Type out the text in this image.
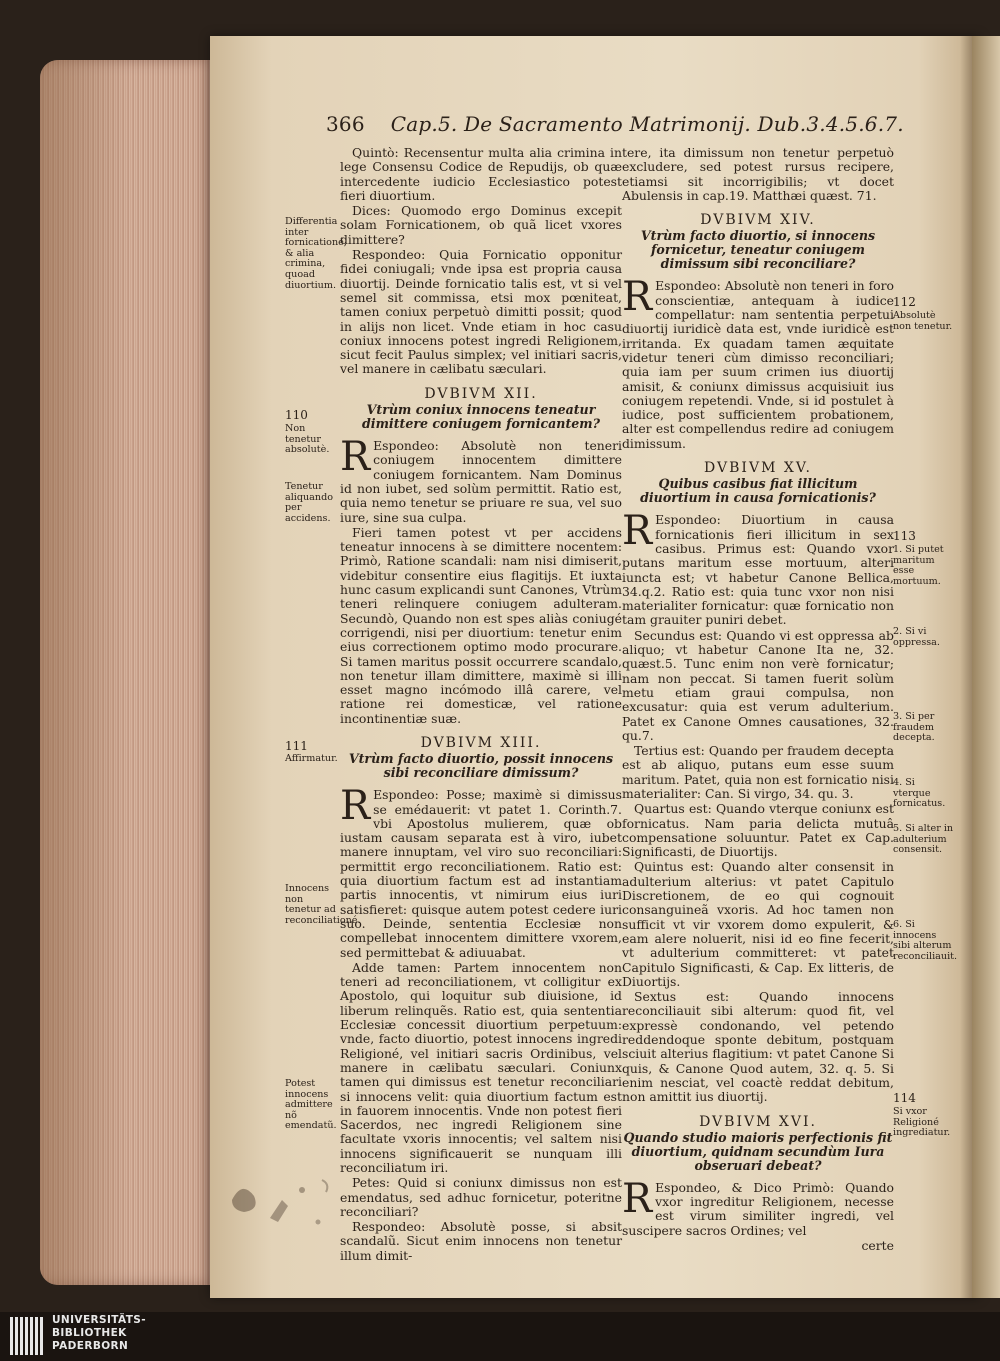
366 Cap.5. De Sacramento Matrimonij. Dub.3.4.5.6.7.

Quintò: Recensentur multa alia crimina in lege Consensu Codice de Repudijs, ob quæ intercedente iudicio Ecclesiastico potest fieri diuortium.

Dices: Quomodo ergo Dominus excepit solam Fornicationem, ob quã licet vxores dimittere?

Respondeo: Quia Fornicatio opponitur fidei coniugali; vnde ipsa est propria causa diuortij. Deinde fornicatio talis est, vt si vel semel sit commissa, etsi mox pœniteat, tamen coniux perpetuò dimitti possit; quod in alijs non licet. Vnde etiam in hoc casu coniux innocens potest ingredi Religionem, sicut fecit Paulus simplex; vel initiari sacris, vel manere in cælibatu sæculari.

DVBIVM XII.
Vtrùm coniux innocens teneatur dimittere coniugem fornicantem?

R Espondeo: Absolutè non teneri coniugem innocentem dimittere coniugem fornicantem. Nam Dominus id non iubet, sed solùm permittit. Ratio est, quia nemo tenetur se priuare re sua, vel suo iure, sine sua culpa.

Fieri tamen potest vt per accidens teneatur innocens à se dimittere nocentem: Primò, Ratione scandali: nam nisi dimiserit, videbitur consentire eius flagitijs. Et iuxta hunc casum explicandi sunt Canones, Vtrùm teneri relinquere coniugem adulteram. Secundò, Quando non est spes aliàs coniugé corrigendi, nisi per diuortium: tenetur enim eius correctionem optimo modo procurare. Si tamen maritus possit occurrere scandalo, non tenetur illam dimittere, maximè si illi esset magno incómodo illâ carere, vel ratione rei domesticæ, vel ratione incontinentiæ suæ.

DVBIVM XIII.
Vtrùm facto diuortio, possit innocens sibi reconciliare dimissum?

R Espondeo: Posse; maximè si dimissus se emédauerit: vt patet 1. Corinth.7. vbi Apostolus mulierem, quæ ob iustam causam separata est à viro, iubet manere innuptam, vel viro suo reconciliari: permittit ergo reconciliationem. Ratio est: quia diuortium factum est ad instantiam partis innocentis, vt nimirum eius iuri satisfieret: quisque autem potest cedere iuri suo. Deinde, sententia Ecclesiæ non compellebat innocentem dimittere vxorem, sed permittebat & adiuuabat.

Adde tamen: Partem innocentem non teneri ad reconciliationem, vt colligitur ex Apostolo, qui loquitur sub diuisione, id liberum relinquẽs. Ratio est, quia sententia Ecclesiæ concessit diuortium perpetuum: vnde, facto diuortio, potest innocens ingredi Religioné, vel initiari sacris Ordinibus, vel manere in cælibatu sæculari. Coniunx tamen qui dimissus est tenetur reconciliari si innocens velit: quia diuortium factum est in fauorem innocentis. Vnde non potest fieri Sacerdos, nec ingredi Religionem sine facultate vxoris innocentis; vel saltem nisi innocens significauerit se nunquam illi reconciliatum iri.

Petes: Quid si coniunx dimissus non est emendatus, sed adhuc fornicetur, poteritne reconciliari?

Respondeo: Absolutè posse, si absit scandalũ. Sicut enim innocens non tenetur illum dimit-

tere, ita dimissum non tenetur perpetuò excludere, sed potest rursus recipere, etiamsi sit incorrigibilis; vt docet Abulensis in cap.19. Matthæi quæst. 71.

DVBIVM XIV.
Vtrùm facto diuortio, si innocens fornicetur, teneatur coniugem dimissum sibi reconciliare?

R Espondeo: Absolutè non teneri in foro conscientiæ, antequam à iudice compellatur: nam sententia perpetui diuortij iuridicè data est, vnde iuridicè est irritanda. Ex quadam tamen æquitate videtur teneri cùm dimisso reconciliari; quia iam per suum crimen ius diuortij amisit, & coniunx dimissus acquisiuit ius coniugem repetendi. Vnde, si id postulet à iudice, post sufficientem probationem, alter est compellendus redire ad coniugem dimissum.

DVBIVM XV.
Quibus casibus fiat illicitum diuortium in causa fornicationis?

R Espondeo: Diuortium in causa fornicationis fieri illicitum in sex casibus. Primus est: Quando vxor putans maritum esse mortuum, alteri iuncta est; vt habetur Canone Bellica, 34.q.2. Ratio est: quia tunc vxor non nisi materialiter fornicatur: quæ fornicatio non tam grauiter puniri debet.

Secundus est: Quando vi est oppressa ab aliquo; vt habetur Canone Ita ne, 32. quæst.5. Tunc enim non verè fornicatur; nam non peccat. Si tamen fuerit solùm metu etiam graui compulsa, non excusatur: quia est verum adulterium. Patet ex Canone Omnes causationes, 32. qu.7.

Tertius est: Quando per fraudem decepta est ab aliquo, putans eum esse suum maritum. Patet, quia non est fornicatio nisi materialiter: Can. Si virgo, 34. qu. 3.

Quartus est: Quando vterque coniunx est fornicatus. Nam paria delicta mutuâ compensatione soluuntur. Patet ex Cap. Significasti, de Diuortijs.

Quintus est: Quando alter consensit in adulterium alterius: vt patet Capitulo Discretionem, de eo qui cognouit consanguineã vxoris. Ad hoc tamen non sufficit vt vir vxorem domo expulerit, & eam alere noluerit, nisi id eo fine fecerit, vt adulterium committeret: vt patet Capitulo Significasti, & Cap. Ex litteris, de Diuortijs.

Sextus est: Quando innocens reconciliauit sibi alterum: quod fit, vel expressè condonando, vel petendo reddendoque sponte debitum, postquam sciuit alterius flagitium: vt patet Canone Si quis, & Canone Quod autem, 32. q. 5. Si enim nesciat, vel coactè reddat debitum, non amittit ius diuortij.

DVBIVM XVI.
Quando studio maioris perfectionis fit diuortium, quidnam secundùm Iura obseruari debeat?

R Espondeo, & Dico Primò: Quando vxor ingreditur Religionem, necesse est virum similiter ingredi, vel suscipere sacros Ordines; vel

certe

Differentia inter fornicationé, & alia crimina, quoad diuortium.
110
Non tenetur absolutè.
Tenetur aliquando per accidens.
111
Affirmatur.
Innocens non tenetur ad reconciliationé.
Potest innocens admittere nõ emendatũ.
112
Absolutè non tenetur.
113
1. Si putet maritum esse mortuum.
2. Si vi oppressa.
3. Si per fraudem decepta.
4. Si vterque fornicatus.
5. Si alter in adulterium consensit.
6. Si innocens sibi alterum reconciliauit.
114
Si vxor Religioné ingrediatur.
UNIVERSITÄTS-
BIBLIOTHEK
PADERBORN
